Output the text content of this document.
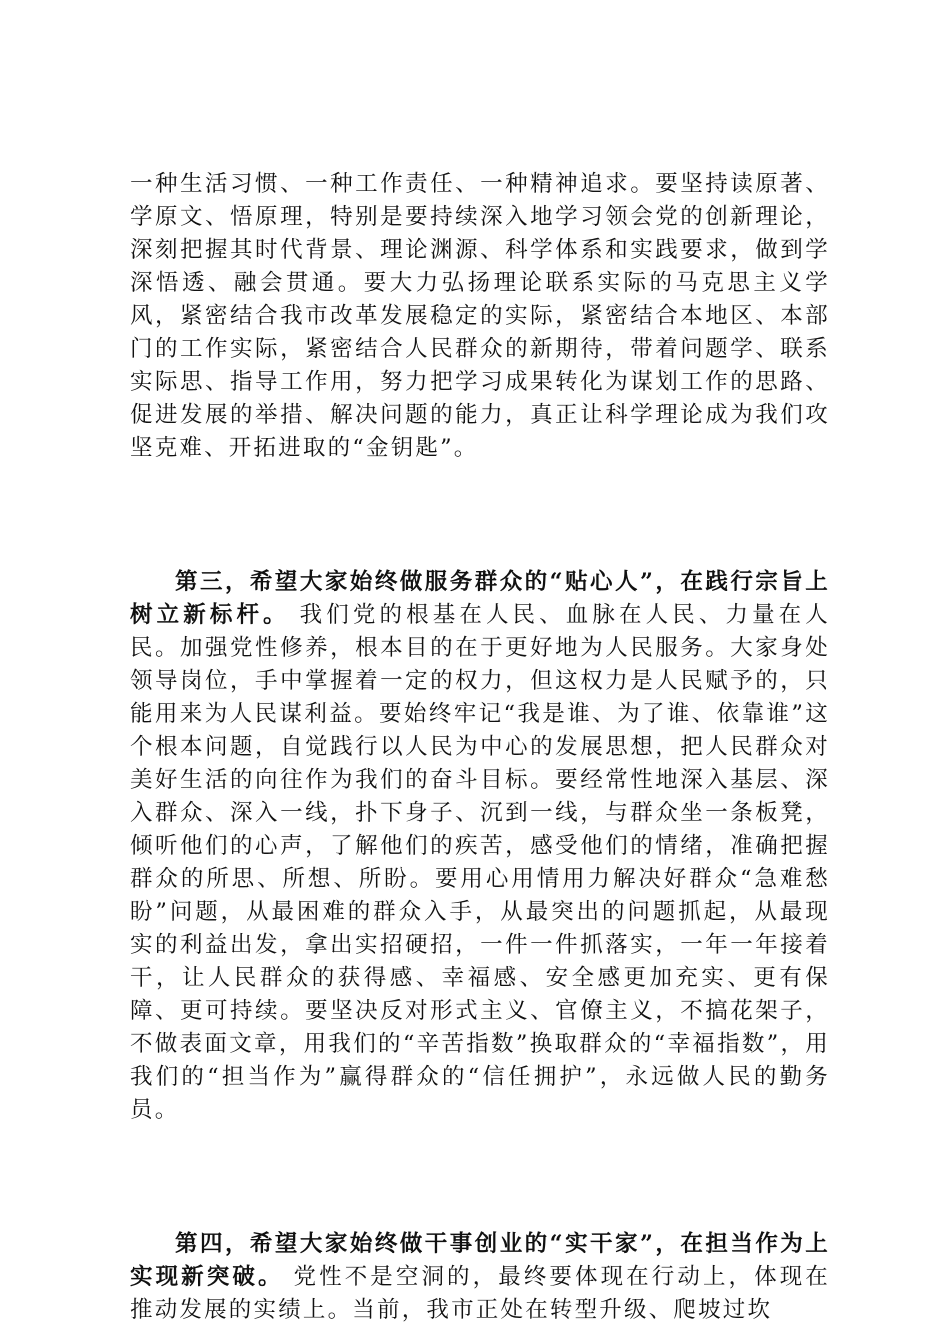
一种生活习惯、一种工作责任、一种精神追求。要坚持读原著、学原文、悟原理，特别是要持续深入地学习领会党的创新理论，深刻把握其时代背景、理论渊源、科学体系和实践要求，做到学深悟透、融会贯通。要大力弘扬理论联系实际的马克思主义学风，紧密结合我市改革发展稳定的实际，紧密结合本地区、本部门的工作实际，紧密结合人民群众的新期待，带着问题学、联系实际思、指导工作用，努力把学习成果转化为谋划工作的思路、促进发展的举措、解决问题的能力，真正让科学理论成为我们攻坚克难、开拓进取的“金钥匙”。

第三，希望大家始终做服务群众的“贴心人”，在践行宗旨上树立新标杆。 我们党的根基在人民、血脉在人民、力量在人民。加强党性修养，根本目的在于更好地为人民服务。大家身处领导岗位，手中掌握着一定的权力，但这权力是人民赋予的，只能用来为人民谋利益。要始终牢记“我是谁、为了谁、依靠谁”这个根本问题，自觉践行以人民为中心的发展思想，把人民群众对美好生活的向往作为我们的奋斗目标。要经常性地深入基层、深入群众、深入一线，扑下身子、沉到一线，与群众坐一条板凳，倾听他们的心声，了解他们的疾苦，感受他们的情绪，准确把握群众的所思、所想、所盼。要用心用情用力解决好群众“急难愁盼”问题，从最困难的群众入手，从最突出的问题抓起，从最现实的利益出发，拿出实招硬招，一件一件抓落实，一年一年接着干，让人民群众的获得感、幸福感、安全感更加充实、更有保障、更可持续。要坚决反对形式主义、官僚主义，不搞花架子，不做表面文章，用我们的“辛苦指数”换取群众的“幸福指数”，用我们的“担当作为”赢得群众的“信任拥护”，永远做人民的勤务员。

第四，希望大家始终做干事创业的“实干家”，在担当作为上实现新突破。 党性不是空洞的，最终要体现在行动上，体现在推动发展的实绩上。当前，我市正处在转型升级、爬坡过坎
